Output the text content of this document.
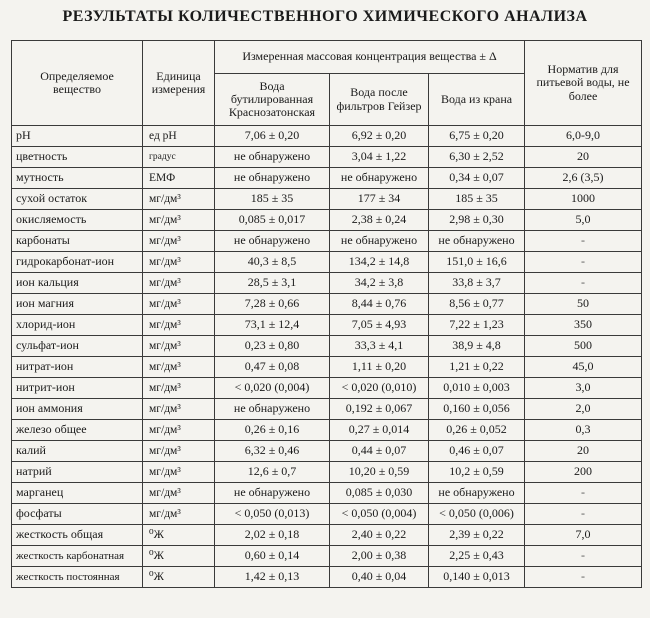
РЕЗУЛЬТАТЫ КОЛИЧЕСТВЕННОГО ХИМИЧЕСКОГО АНАЛИЗА
Определяемое вещество	Единица измерения	Измеренная массовая концентрация вещества ± Δ			Норматив для питьевой воды, не более
		Вода бутилированная Краснозатонская	Вода после фильтров Гейзер	Вода из крана	
pH	ед pH	7,06 ± 0,20	6,92 ± 0,20	6,75 ± 0,20	6,0-9,0
цветность	градус	не обнаружено	3,04 ± 1,22	6,30 ± 2,52	20
мутность	ЕМФ	не обнаружено	не обнаружено	0,34 ± 0,07	2,6 (3,5)
сухой остаток	мг/дм³	185 ± 35	177 ± 34	185 ± 35	1000
окисляемость	мг/дм³	0,085 ± 0,017	2,38 ± 0,24	2,98 ± 0,30	5,0
карбонаты	мг/дм³	не обнаружено	не обнаружено	не обнаружено	-
гидрокарбонат-ион	мг/дм³	40,3 ± 8,5	134,2 ± 14,8	151,0 ± 16,6	-
ион кальция	мг/дм³	28,5 ± 3,1	34,2 ± 3,8	33,8 ± 3,7	-
ион магния	мг/дм³	7,28 ± 0,66	8,44 ± 0,76	8,56 ± 0,77	50
хлорид-ион	мг/дм³	73,1 ± 12,4	7,05 ± 4,93	7,22 ± 1,23	350
сульфат-ион	мг/дм³	0,23 ± 0,80	33,3 ± 4,1	38,9 ± 4,8	500
нитрат-ион	мг/дм³	0,47 ± 0,08	1,11 ± 0,20	1,21 ± 0,22	45,0
нитрит-ион	мг/дм³	< 0,020 (0,004)	< 0,020 (0,010)	0,010 ± 0,003	3,0
ион аммония	мг/дм³	не обнаружено	0,192 ± 0,067	0,160 ± 0,056	2,0
железо общее	мг/дм³	0,26 ± 0,16	0,27 ± 0,014	0,26 ± 0,052	0,3
калий	мг/дм³	6,32 ± 0,46	0,44 ± 0,07	0,46 ± 0,07	20
натрий	мг/дм³	12,6 ± 0,7	10,20 ± 0,59	10,2 ± 0,59	200
марганец	мг/дм³	не обнаружено	0,085 ± 0,030	не обнаружено	-
фосфаты	мг/дм³	< 0,050 (0,013)	< 0,050 (0,004)	< 0,050 (0,006)	-
жесткость общая	⁰Ж	2,02 ± 0,18	2,40 ± 0,22	2,39 ± 0,22	7,0
жесткость карбонатная	⁰Ж	0,60 ± 0,14	2,00 ± 0,38	2,25 ± 0,43	-
жесткость постоянная	⁰Ж	1,42 ± 0,13	0,40 ± 0,04	0,140 ± 0,013	-
